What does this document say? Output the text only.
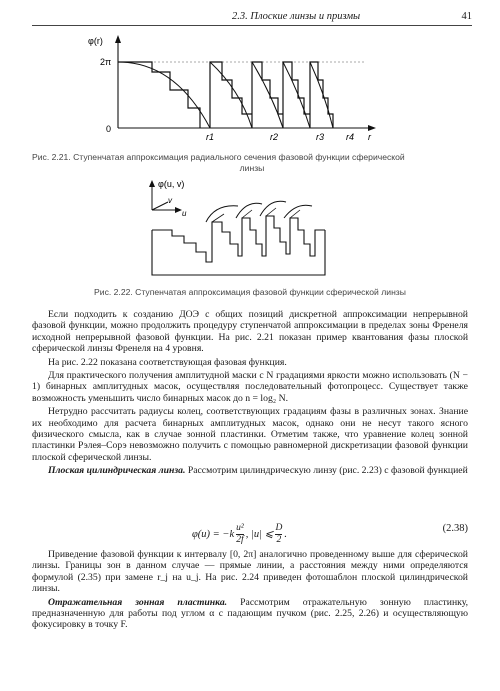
2.3. Плоские линзы и призмы	41
φ(r)
2π
0
r
r1	r2	r3 r4
Рис. 2.21. Ступенчатая аппроксимация радиального сечения фазовой функции сферической
линзы
φ(u, v)
v
u
Рис. 2.22. Ступенчатая аппроксимация фазовой функции сферической линзы

Если подходить к созданию ДОЭ с общих позиций дискретной аппроксимации непрерывной фазовой функции, можно продолжить процедуру ступенчатой аппроксимации в пределах зоны Френеля исходной непрерывной фазовой функции. На рис. 2.21 показан пример квантования фазы плоской сферической линзы Френеля на 4 уровня.

На рис. 2.22 показана соответствующая фазовая функция.

Для практического получения амплитудной маски с N градациями яркости можно использовать (N − 1) бинарных амплитудных масок, осуществляя последовательный фотопроцесс. Существует также возможность уменьшить число бинарных масок до n = log₂ N.

Нетрудно рассчитать радиусы колец, соответствующих градациям фазы в различных зонах. Знание их необходимо для расчета бинарных амплитудных масок, однако они не несут такого ясного физического смысла, как в случае зонной пластинки. Отметим также, что уравнение колец зонной пластинки Рэлея–Сорэ невозможно получить с помощью равномерной дискретизации фазовой функции плоской сферической линзы.

Плоская цилиндрическая линза. Рассмотрим цилиндрическую линзу (рис. 2.23) с фазовой функцией

$\varphi(u) = -k \frac{\text{u²}}{2f}$ , |u| ⩽ $\frac{D}{2}$ .
(2.38)

Приведение фазовой функции к интервалу [0, 2π] аналогично проведенному выше для сферической линзы. Границы зон в данном случае — прямые линии, а расстояния между ними определяются формулой (2.35) при замене r_j на u_j. На рис. 2.24 приведен фотошаблон плоской цилиндрической линзы.

Отражательная зонная пластинка. Рассмотрим отражательную зонную пластинку, предназначенную для работы под углом α с падающим пучком (рис. 2.25, 2.26) и осуществляющую фокусировку в точку F.
